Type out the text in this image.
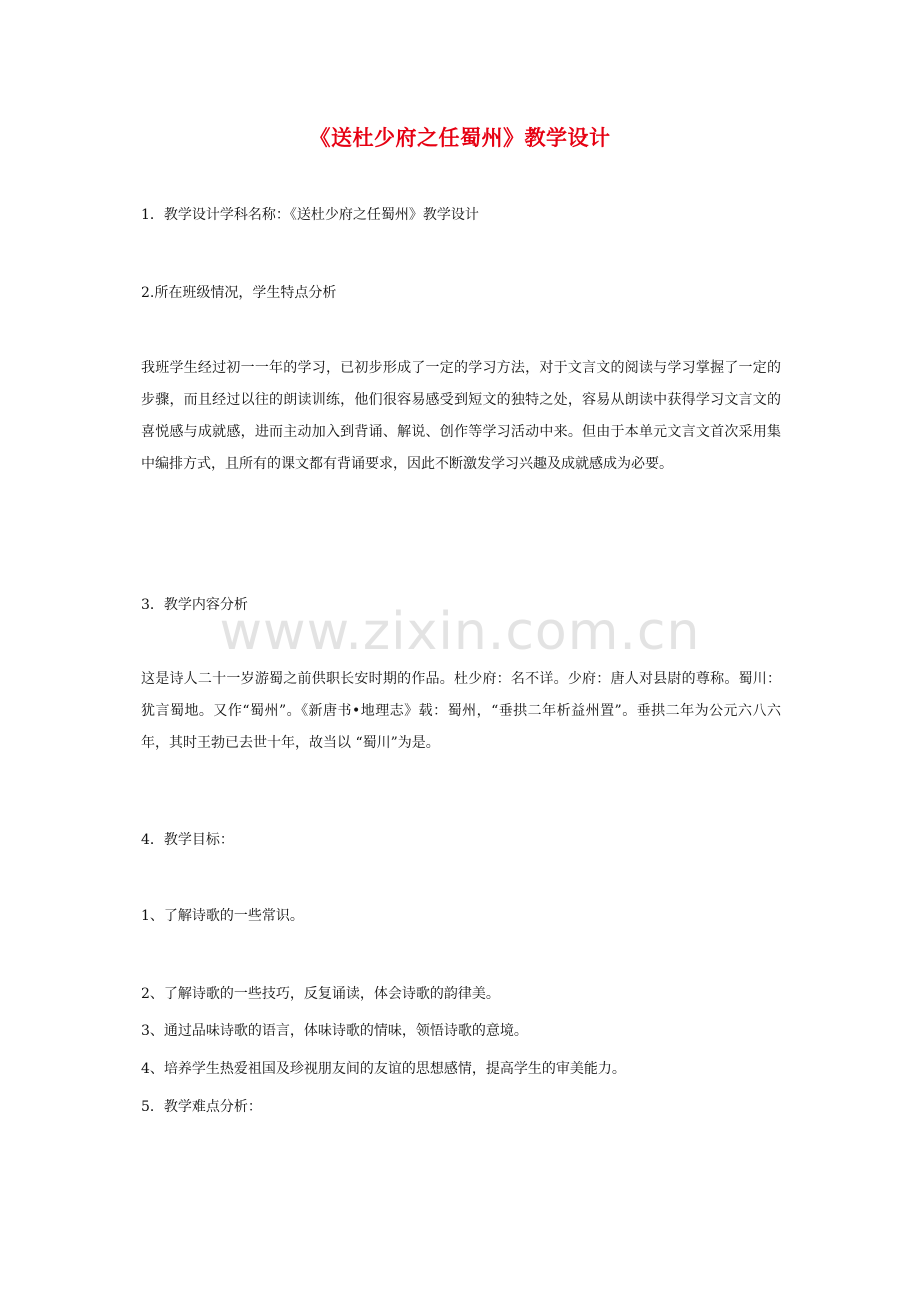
www.zixin.com.cn
《送杜少府之任蜀州》教学设计
1．教学设计学科名称：《送杜少府之任蜀州》教学设计
2.所在班级情况，学生特点分析
我班学生经过初一一年的学习，已初步形成了一定的学习方法，对于文言文的阅读与学习掌握了一定的步骤，而且经过以往的朗读训练，他们很容易感受到短文的独特之处，容易从朗读中获得学习文言文的喜悦感与成就感，进而主动加入到背诵、解说、创作等学习活动中来。但由于本单元文言文首次采用集中编排方式，且所有的课文都有背诵要求，因此不断激发学习兴趣及成就感成为必要。
3．教学内容分析
这是诗人二十一岁游蜀之前供职长安时期的作品。杜少府：名不详。少府：唐人对县尉的尊称。蜀川：犹言蜀地。又作“蜀州”。《新唐书•地理志》载：蜀州，“垂拱二年析益州置”。垂拱二年为公元六八六年，其时王勃已去世十年，故当以 “蜀川”为是。
4．教学目标：
1、了解诗歌的一些常识。
2、了解诗歌的一些技巧，反复诵读，体会诗歌的韵律美。
3、通过品味诗歌的语言，体味诗歌的情味，领悟诗歌的意境。
4、培养学生热爱祖国及珍视朋友间的友谊的思想感情，提高学生的审美能力。
5．教学难点分析：
